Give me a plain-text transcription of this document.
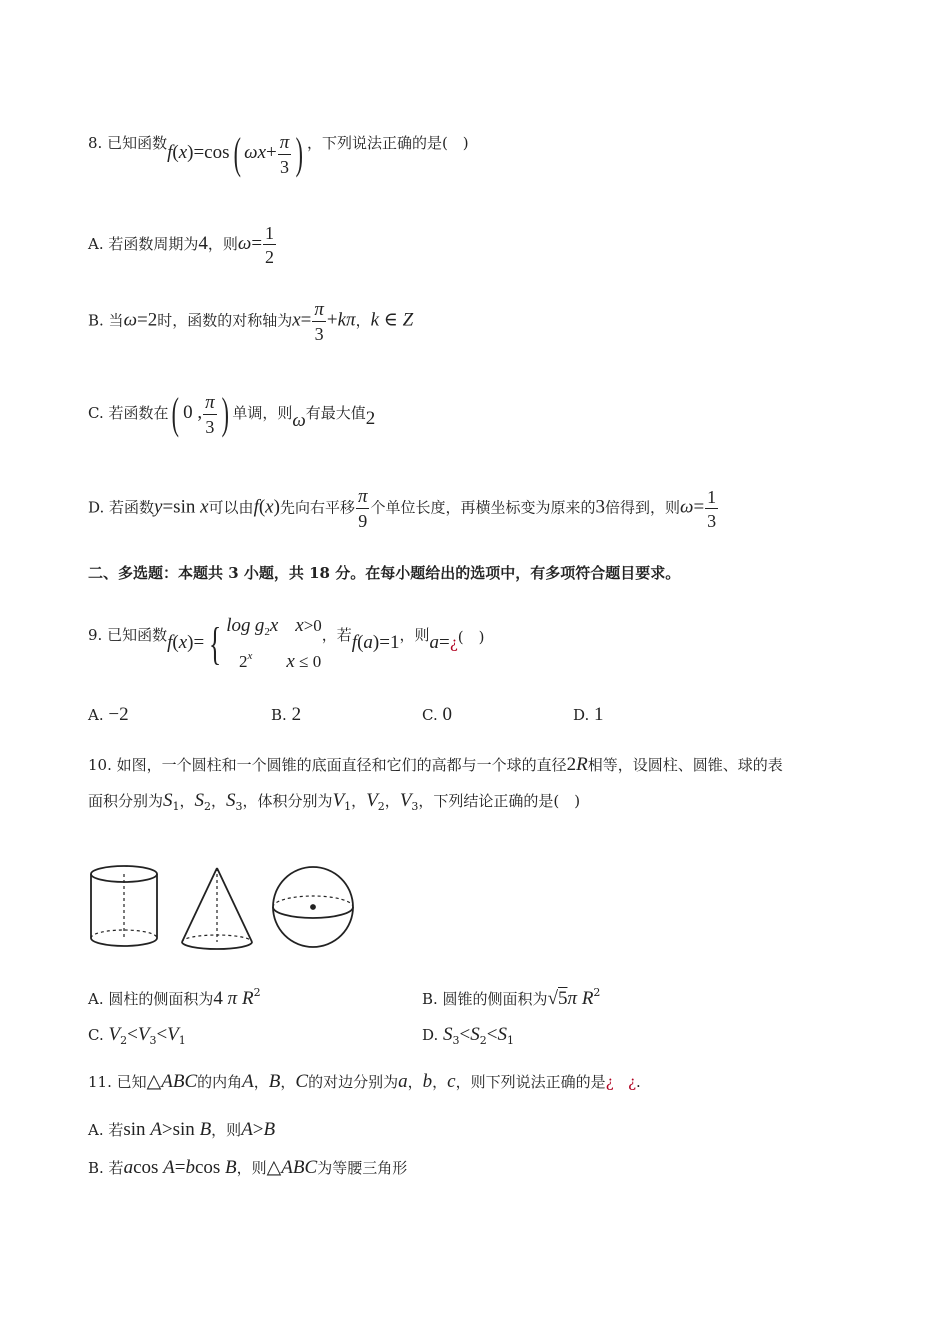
8. 已知函数f(x)=cos( $\omega x+ \frac{\pi}{3}$ ) ，下列说法正确的是(　)
A. 若函数周期为4，则$\omega= \frac{1}{2}$
B. 当ω=2时，函数的对称轴为$x= \frac{\pi}{3} +k\pi$，k ∈ Z
C. 若函数在( 0 , $\frac{\pi}{3}$ ) 单调，则ω有最大值2
D. 若函数y=sin x可以由f(x)先向右平移 $\frac{\pi}{9}$ 个单位长度，再横坐标变为原来的3倍得到，则$\omega= \frac{1}{3}$
二、多选题：本题共 3 小题，共 18 分。在每小题给出的选项中，有多项符合题目要求。
9. 已知函数f(x)= { $\log g_2x$ x>0
2$^x$ x ≤ 0，若f(a)=1，则a=¿(　)
A. −2	B. 2	C. 0	D. 1
10. 如图，一个圆柱和一个圆锥的底面直径和它们的高都与一个球的直径2R相等，设圆柱、圆锥、球的表
面积分别为$S_1$，$S_2$，$S_3$，体积分别为$V_1$，$V_2$，$V_3$，下列结论正确的是(　)
A. 圆柱的侧面积为4 π $R^2$	B. 圆锥的侧面积为√5π $R^2$
C. $V_2<V_3<V_1$	D. $S_3<S_2<S_1$
11. 已知△ABC的内角A，B，C的对边分别为a，b，c，则下列说法正确的是¿ ¿.
A. 若sin A>sin B，则A>B
B. 若acos A=bcos B，则△ABC为等腰三角形
